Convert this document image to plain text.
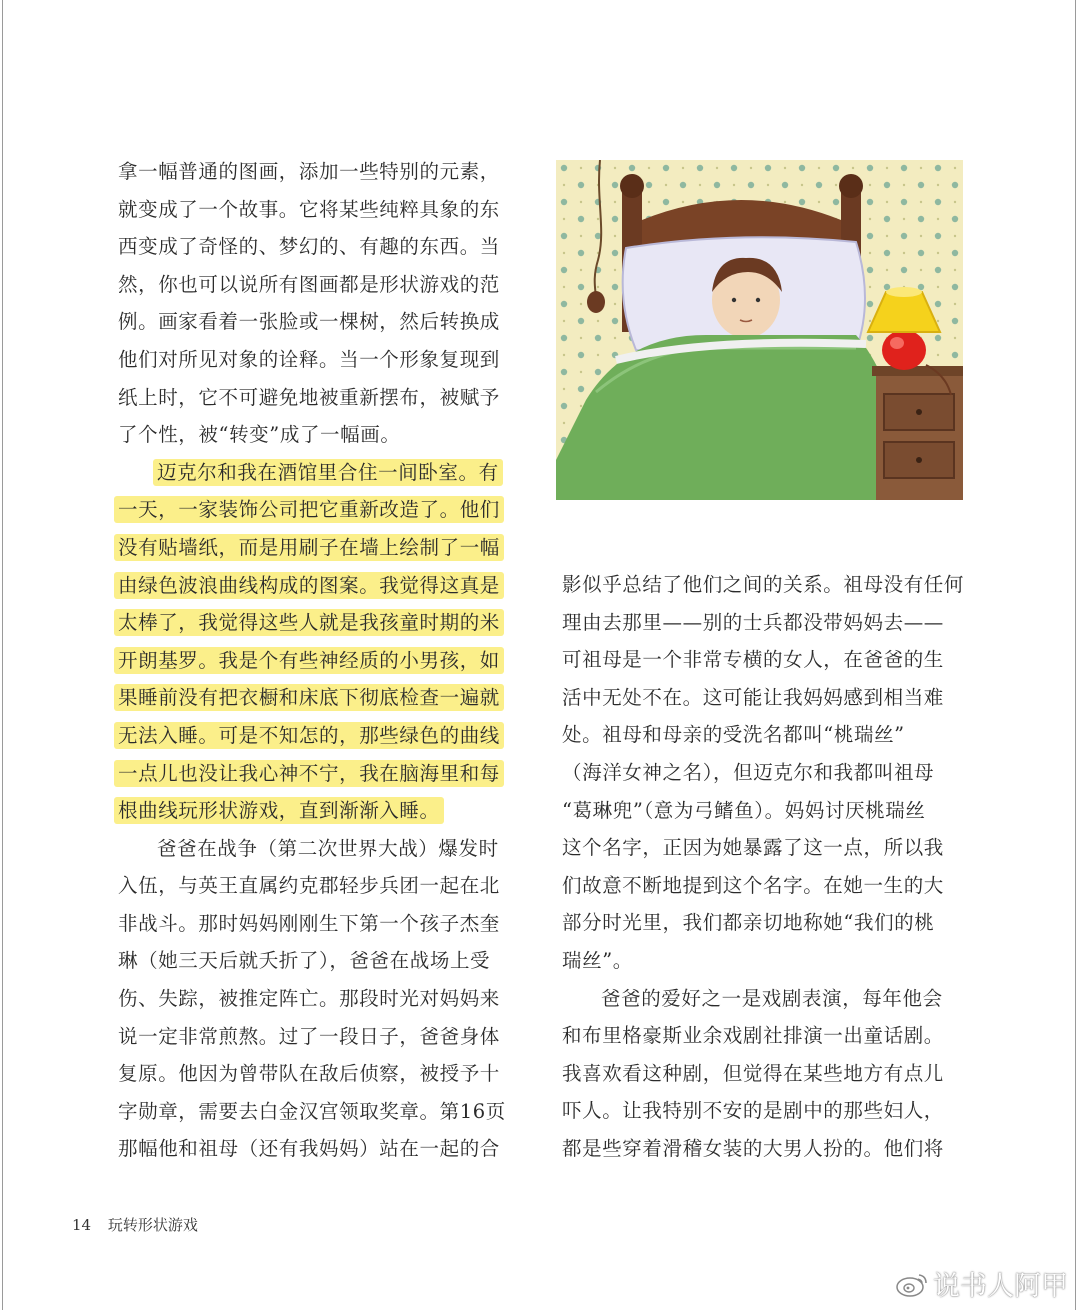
拿一幅普通的图画，添加一些特别的元素，
就变成了一个故事。它将某些纯粹具象的东
西变成了奇怪的、梦幻的、有趣的东西。当
然，你也可以说所有图画都是形状游戏的范
例。画家看着一张脸或一棵树，然后转换成
他们对所见对象的诠释。当一个形象复现到
纸上时，它不可避免地被重新摆布，被赋予
了个性，被“转变”成了一幅画。
迈克尔和我在酒馆里合住一间卧室。有
一天，一家装饰公司把它重新改造了。他们
没有贴墙纸，而是用刷子在墙上绘制了一幅
由绿色波浪曲线构成的图案。我觉得这真是
太棒了，我觉得这些人就是我孩童时期的米
开朗基罗。我是个有些神经质的小男孩，如
果睡前没有把衣橱和床底下彻底检查一遍就
无法入睡。可是不知怎的，那些绿色的曲线
一点儿也没让我心神不宁，我在脑海里和每
根曲线玩形状游戏，直到渐渐入睡。
爸爸在战争（第二次世界大战）爆发时
入伍，与英王直属约克郡轻步兵团一起在北
非战斗。那时妈妈刚刚生下第一个孩子杰奎
琳（她三天后就夭折了），爸爸在战场上受
伤、失踪，被推定阵亡。那段时光对妈妈来
说一定非常煎熬。过了一段日子，爸爸身体
复原。他因为曾带队在敌后侦察，被授予十
字勋章，需要去白金汉宫领取奖章。第16页
那幅他和祖母（还有我妈妈）站在一起的合
影似乎总结了他们之间的关系。祖母没有任何
理由去那里——别的士兵都没带妈妈去——
可祖母是一个非常专横的女人，在爸爸的生
活中无处不在。这可能让我妈妈感到相当难
处。祖母和母亲的受洗名都叫“桃瑞丝”
（海洋女神之名），但迈克尔和我都叫祖母
“葛琳兜”（意为弓鳍鱼）。妈妈讨厌桃瑞丝
这个名字，正因为她暴露了这一点，所以我
们故意不断地提到这个名字。在她一生的大
部分时光里，我们都亲切地称她“我们的桃
瑞丝”。
爸爸的爱好之一是戏剧表演，每年他会
和布里格豪斯业余戏剧社排演一出童话剧。
我喜欢看这种剧，但觉得在某些地方有点儿
吓人。让我特别不安的是剧中的那些妇人，
都是些穿着滑稽女装的大男人扮的。他们将
14 玩转形状游戏
说书人阿甲
